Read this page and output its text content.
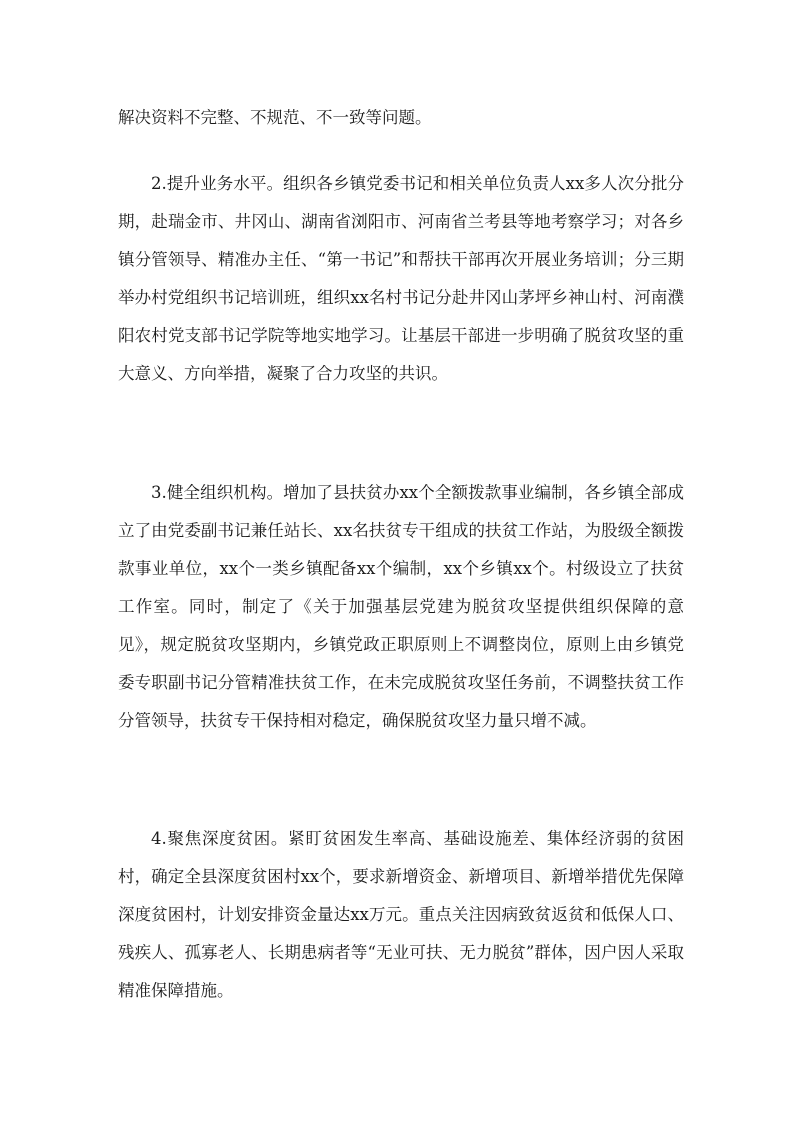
解决资料不完整、不规范、不一致等问题。

2.提升业务水平。组织各乡镇党委书记和相关单位负责人xx多人次分批分期，赴瑞金市、井冈山、湖南省浏阳市、河南省兰考县等地考察学习；对各乡镇分管领导、精准办主任、“第一书记”和帮扶干部再次开展业务培训；分三期举办村党组织书记培训班，组织xx名村书记分赴井冈山茅坪乡神山村、河南濮阳农村党支部书记学院等地实地学习。让基层干部进一步明确了脱贫攻坚的重大意义、方向举措，凝聚了合力攻坚的共识。

3.健全组织机构。增加了县扶贫办xx个全额拨款事业编制，各乡镇全部成立了由党委副书记兼任站长、xx名扶贫专干组成的扶贫工作站，为股级全额拨款事业单位，xx个一类乡镇配备xx个编制，xx个乡镇xx个。村级设立了扶贫工作室。同时，制定了《关于加强基层党建为脱贫攻坚提供组织保障的意见》，规定脱贫攻坚期内，乡镇党政正职原则上不调整岗位，原则上由乡镇党委专职副书记分管精准扶贫工作，在未完成脱贫攻坚任务前，不调整扶贫工作分管领导，扶贫专干保持相对稳定，确保脱贫攻坚力量只增不减。

4.聚焦深度贫困。紧盯贫困发生率高、基础设施差、集体经济弱的贫困村，确定全县深度贫困村xx个，要求新增资金、新增项目、新增举措优先保障深度贫困村，计划安排资金量达xx万元。重点关注因病致贫返贫和低保人口、残疾人、孤寡老人、长期患病者等“无业可扶、无力脱贫”群体，因户因人采取精准保障措施。
